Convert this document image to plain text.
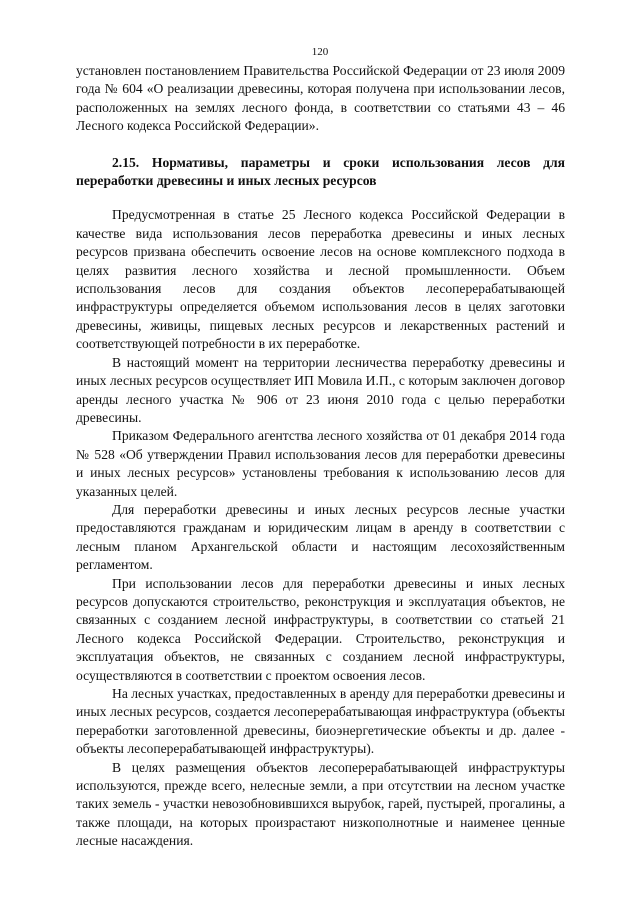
120

установлен постановлением Правительства Российской Федерации от 23 июля 2009 года № 604 «О реализации древесины, которая получена при использовании лесов, расположенных на землях лесного фонда, в соответствии со статьями 43 – 46 Лесного кодекса Российской Федерации».

2.15. Нормативы, параметры и сроки использования лесов для переработки древесины и иных лесных ресурсов

Предусмотренная в статье 25 Лесного кодекса Российской Федерации в качестве вида использования лесов переработка древесины и иных лесных ресурсов призвана обеспечить освоение лесов на основе комплексного подхода в целях развития лесного хозяйства и лесной промышленности. Объем использования лесов для создания объектов лесоперерабатывающей инфраструктуры определяется объемом использования лесов в целях заготовки древесины, живицы, пищевых лесных ресурсов и лекарственных растений и соответствующей потребности в их переработке.

В настоящий момент на территории лесничества переработку древесины и иных лесных ресурсов осуществляет ИП Мовила И.П., с которым заключен договор аренды лесного участка № 906 от 23 июня 2010 года с целью переработки древесины.

Приказом Федерального агентства лесного хозяйства от 01 декабря 2014 года № 528 «Об утверждении Правил использования лесов для переработки древесины и иных лесных ресурсов» установлены требования к использованию лесов для указанных целей.

Для переработки древесины и иных лесных ресурсов лесные участки предоставляются гражданам и юридическим лицам в аренду в соответствии с лесным планом Архангельской области и настоящим лесохозяйственным регламентом.

При использовании лесов для переработки древесины и иных лесных ресурсов допускаются строительство, реконструкция и эксплуатация объектов, не связанных с созданием лесной инфраструктуры, в соответствии со статьей 21 Лесного кодекса Российской Федерации. Строительство, реконструкция и эксплуатация объектов, не связанных с созданием лесной инфраструктуры, осуществляются в соответствии с проектом освоения лесов.

На лесных участках, предоставленных в аренду для переработки древесины и иных лесных ресурсов, создается лесоперерабатывающая инфраструктура (объекты переработки заготовленной древесины, биоэнергетические объекты и др. далее - объекты лесоперерабатывающей инфраструктуры).

В целях размещения объектов лесоперерабатывающей инфраструктуры используются, прежде всего, нелесные земли, а при отсутствии на лесном участке таких земель - участки невозобновившихся вырубок, гарей, пустырей, прогалины, а также площади, на которых произрастают низкополнотные и наименее ценные лесные насаждения.
